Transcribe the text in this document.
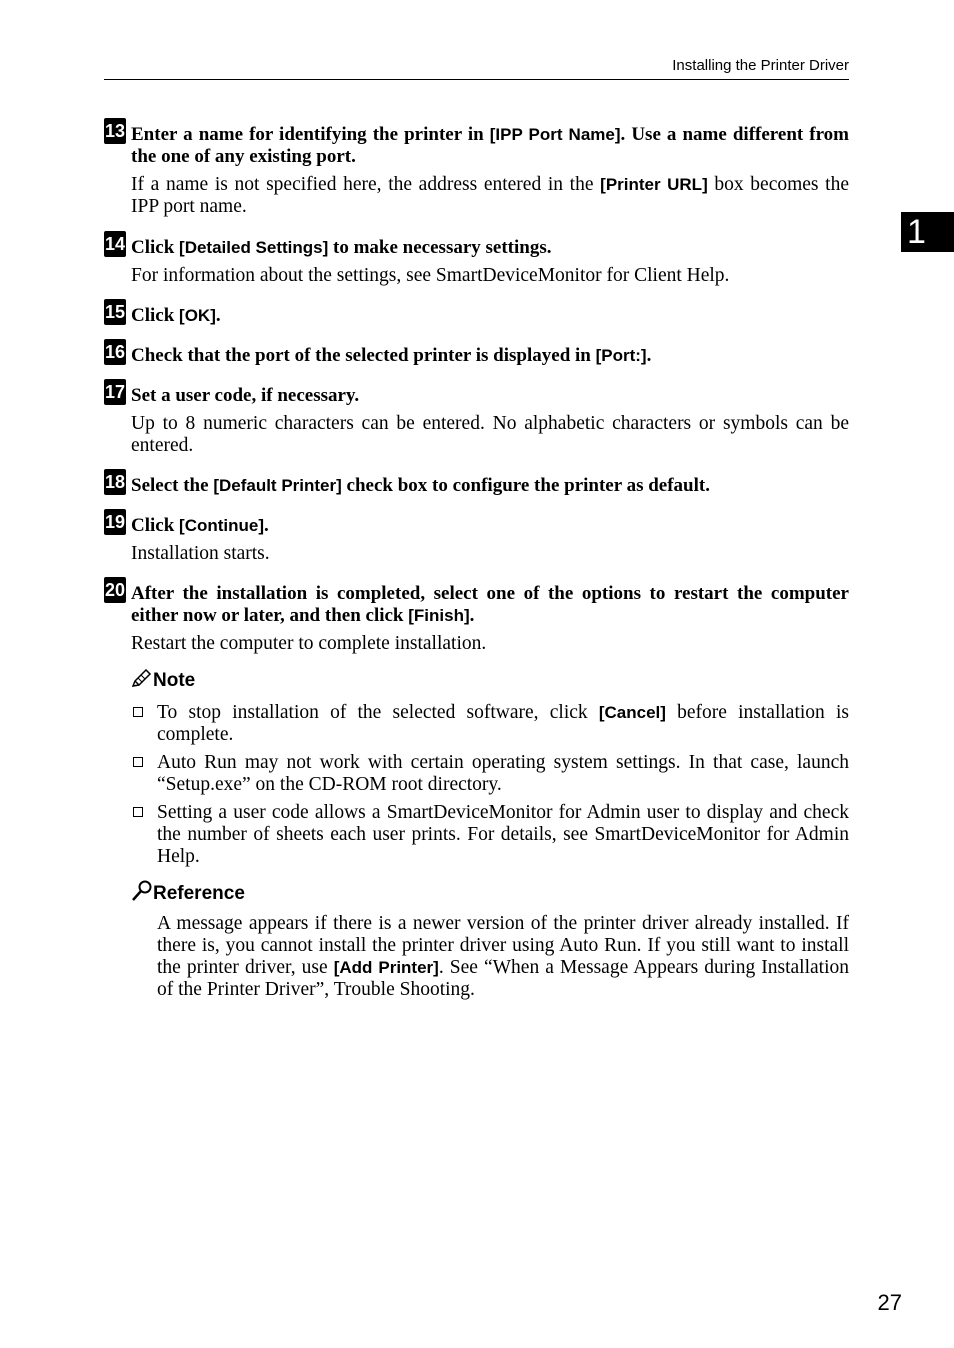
Installing the Printer Driver
1
13 Enter a name for identifying the printer in [IPP Port Name]. Use a name different from the one of any existing port.
If a name is not specified here, the address entered in the [Printer URL] box becomes the IPP port name.
14 Click [Detailed Settings] to make necessary settings.
For information about the settings, see SmartDeviceMonitor for Client Help.
15 Click [OK].
16 Check that the port of the selected printer is displayed in [Port:].
17 Set a user code, if necessary.
Up to 8 numeric characters can be entered. No alphabetic characters or symbols can be entered.
18 Select the [Default Printer] check box to configure the printer as default.
19 Click [Continue].
Installation starts.
20 After the installation is completed, select one of the options to restart the computer either now or later, and then click [Finish].
Restart the computer to complete installation.
Note
To stop installation of the selected software, click [Cancel] before installation is complete.
Auto Run may not work with certain operating system settings. In that case, launch “Setup.exe” on the CD-ROM root directory.
Setting a user code allows a SmartDeviceMonitor for Admin user to display and check the number of sheets each user prints. For details, see SmartDeviceMonitor for Admin Help.
Reference
A message appears if there is a newer version of the printer driver already installed. If there is, you cannot install the printer driver using Auto Run. If you still want to install the printer driver, use [Add Printer]. See “When a Message Appears during Installation of the Printer Driver”, Trouble Shooting.
27
